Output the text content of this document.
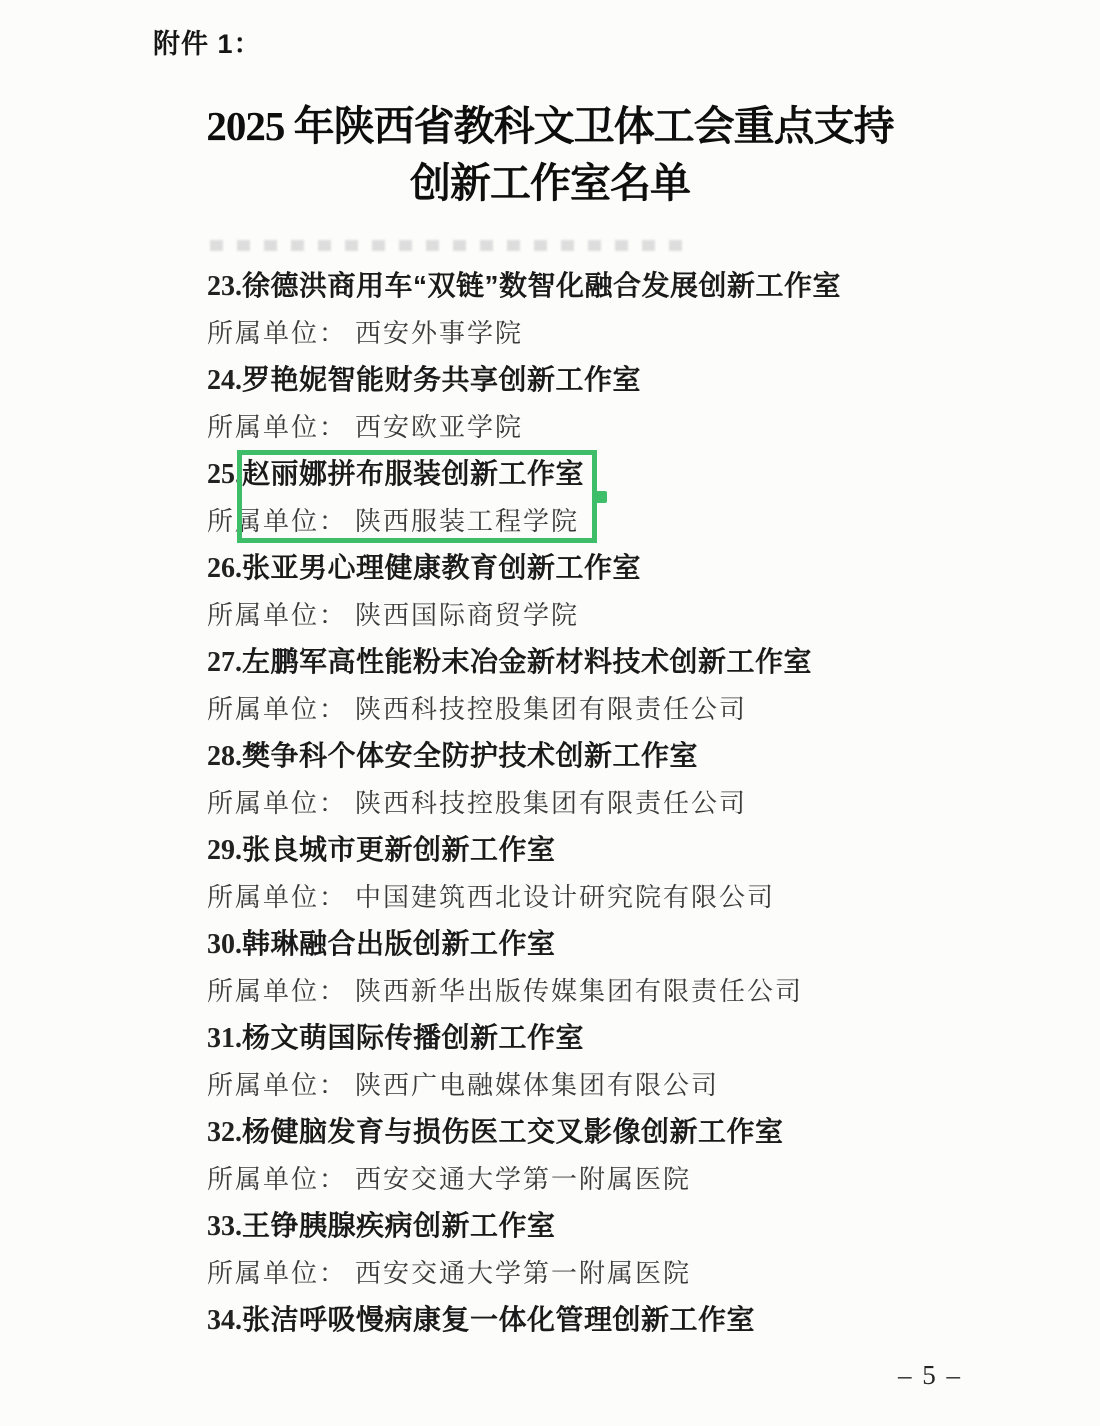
附件 1：
2025 年陕西省教科文卫体工会重点支持
创新工作室名单
23.徐德洪商用车“双链”数智化融合发展创新工作室
所属单位： 西安外事学院
24.罗艳妮智能财务共享创新工作室
所属单位： 西安欧亚学院
25.赵丽娜拼布服装创新工作室
所属单位： 陕西服装工程学院
26.张亚男心理健康教育创新工作室
所属单位： 陕西国际商贸学院
27.左鹏军高性能粉末冶金新材料技术创新工作室
所属单位： 陕西科技控股集团有限责任公司
28.樊争科个体安全防护技术创新工作室
所属单位： 陕西科技控股集团有限责任公司
29.张良城市更新创新工作室
所属单位： 中国建筑西北设计研究院有限公司
30.韩琳融合出版创新工作室
所属单位： 陕西新华出版传媒集团有限责任公司
31.杨文萌国际传播创新工作室
所属单位： 陕西广电融媒体集团有限公司
32.杨健脑发育与损伤医工交叉影像创新工作室
所属单位： 西安交通大学第一附属医院
33.王铮胰腺疾病创新工作室
所属单位： 西安交通大学第一附属医院
34.张洁呼吸慢病康复一体化管理创新工作室
– 5 –
